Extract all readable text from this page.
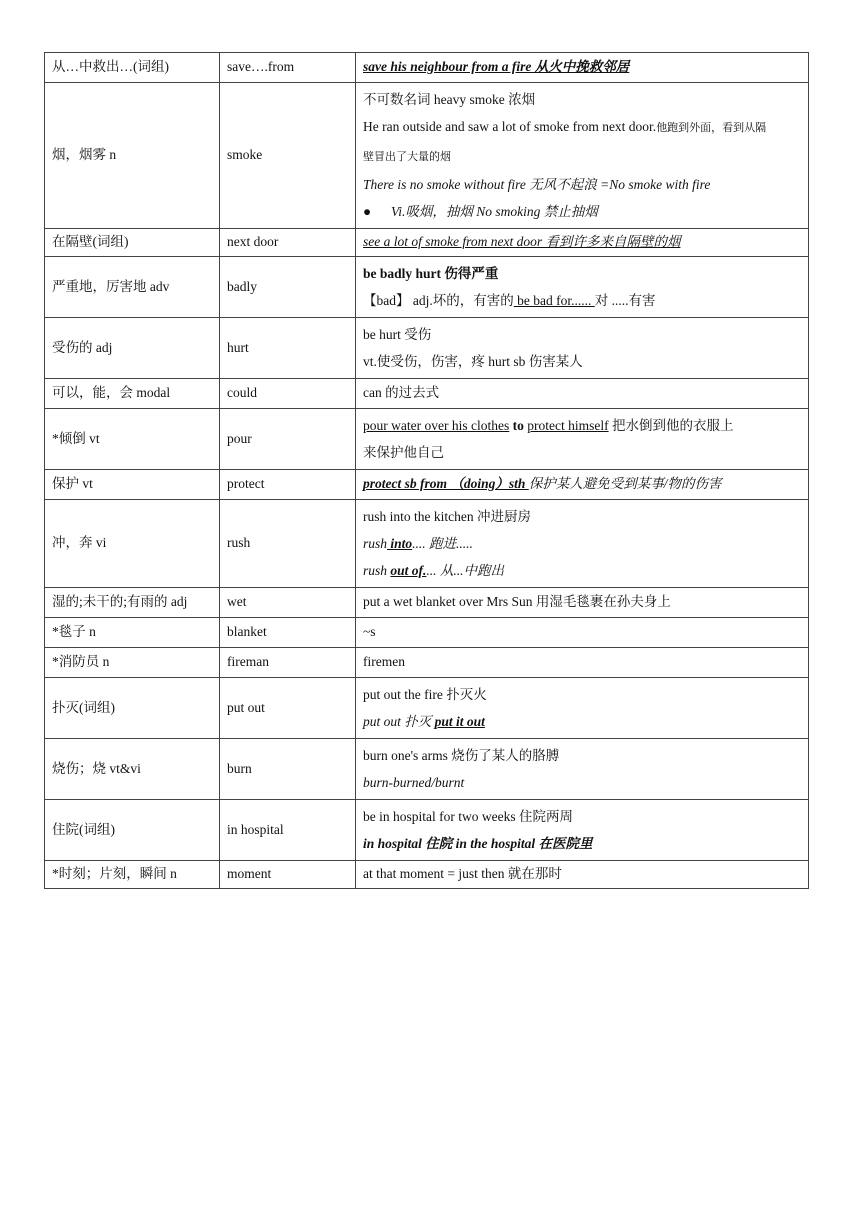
从…中救出…(词组)	save….from	save his neighbour from a fire 从火中挽救邻居

烟，烟雾 n	smoke	不可数名词 heavy smoke 浓烟
He ran outside and saw a lot of smoke from next door.他跑到外面，看到从隔
壁冒出了大量的烟
There is no smoke without fire 无风不起浪 =No smoke with fire
● Vi.吸烟，抽烟 No smoking 禁止抽烟

在隔壁(词组)	next door	see a lot of smoke from next door 看到许多来自隔壁的烟

严重地，厉害地 adv	badly	be badly hurt 伤得严重
【bad】 adj.坏的，有害的 be bad for...... 对 .....有害

受伤的 adj	hurt	be hurt 受伤
vt.使受伤，伤害，疼 hurt sb 伤害某人

可以，能，会 modal	could	can 的过去式

*倾倒 vt	pour	pour water over his clothes to protect himself 把水倒到他的衣服上
来保护他自己

保护 vt	protect	protect sb from （doing）sth 保护某人避免受到某事/物的伤害

冲，奔 vi	rush	rush into the kitchen 冲进厨房
rush into.... 跑进.....
rush out of.... 从...中跑出

湿的;未干的;有雨的 adj	wet	put a wet blanket over Mrs Sun 用湿毛毯裹在孙夫身上

*毯子 n	blanket	~s

*消防员 n	fireman	firemen

扑灭(词组)	put out	put out the fire 扑灭火
put out 扑灭 put it out

烧伤；烧 vt&vi	burn	burn one's arms 烧伤了某人的胳膊
burn-burned/burnt

住院(词组)	in hospital	be in hospital for two weeks 住院两周
in hospital 住院 in the hospital 在医院里

*时刻；片刻，瞬间 n	moment	at that moment = just then 就在那时
